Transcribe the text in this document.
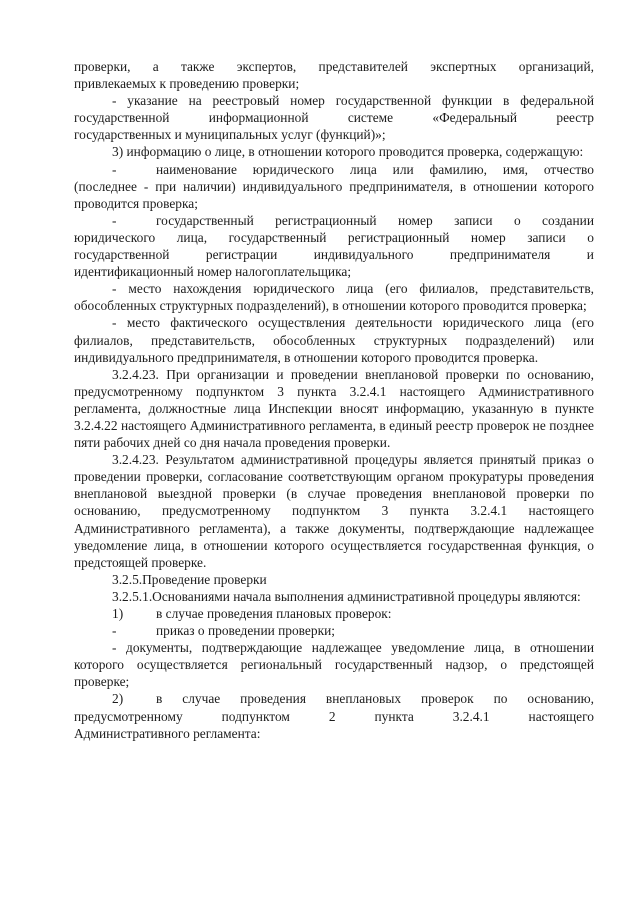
проверки, а также экспертов, представителей экспертных организаций,

привлекаемых к проведению проверки;

- указание на реестровый номер государственной функции в федеральной

государственной	информационной	системе	«Федеральный	реестр

государственных и муниципальных услуг (функций)»;

3) информацию о лице, в отношении которого проводится проверка, содержащую:

-	наименование юридического лица или фамилию, имя, отчество

(последнее - при наличии) индивидуального предпринимателя, в отношении которого проводится проверка;

-	государственный регистрационный номер записи о создании

юридического лица, государственный регистрационный номер записи о

государственной	регистрации	индивидуального	предпринимателя	и

идентификационный номер налогоплательщика;

- место нахождения юридического лица (его филиалов, представительств, обособленных структурных подразделений), в отношении которого проводится проверка;

- место фактического осуществления деятельности юридического лица (его филиалов, представительств, обособленных структурных подразделений) или индивидуального предпринимателя, в отношении которого проводится проверка.

3.2.4.23. При организации и проведении внеплановой проверки по основанию, предусмотренному подпунктом 3 пункта 3.2.4.1 настоящего Административного регламента, должностные лица Инспекции вносят информацию, указанную в пункте 3.2.4.22 настоящего Административного регламента, в единый реестр проверок не позднее пяти рабочих дней со дня начала проведения проверки.

3.2.4.23. Результатом административной процедуры является принятый приказ о проведении проверки, согласование соответствующим органом прокуратуры проведения внеплановой выездной проверки (в случае проведения внеплановой проверки по основанию, предусмотренному подпунктом 3 пункта 3.2.4.1 настоящего Административного регламента), а также документы, подтверждающие надлежащее уведомление лица, в отношении которого осуществляется государственная функция, о предстоящей проверке.

3.2.5.Проведение проверки

3.2.5.1.Основаниями начала выполнения административной процедуры являются:

1)	в случае проведения плановых проверок:
-	приказ о проведении проверки;

- документы, подтверждающие надлежащее уведомление лица, в отношении которого осуществляется региональный государственный надзор, о предстоящей проверке;

2)	в случае проведения внеплановых проверок по основанию,
предусмотренному	подпунктом	2	пункта	3.2.4.1	настоящего

Административного регламента:
